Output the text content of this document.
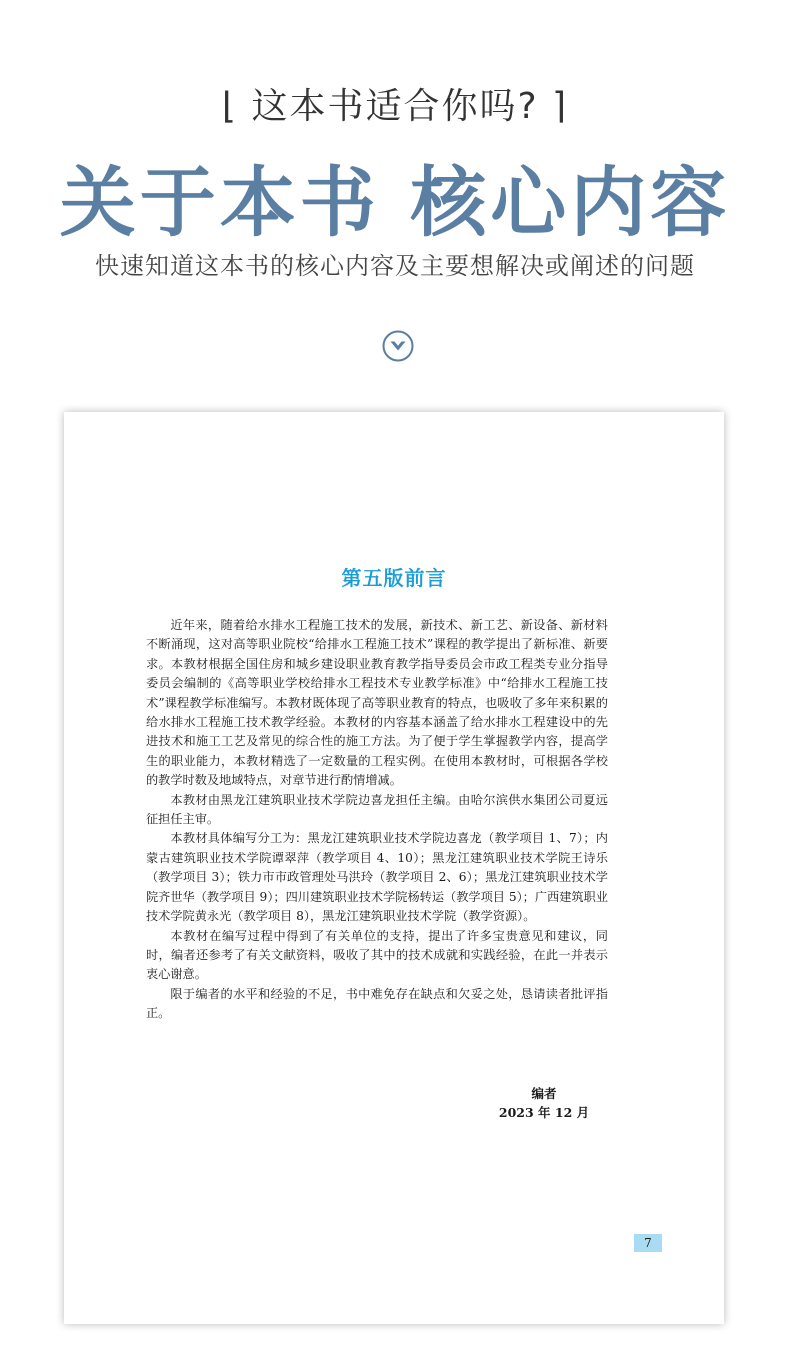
⌊ 这本书适合你吗? ⌉
关于本书 核心内容
快速知道这本书的核心内容及主要想解决或阐述的问题
第五版前言

近年来，随着给水排水工程施工技术的发展，新技术、新工艺、新设备、新材料不断涌现，这对高等职业院校“给排水工程施工技术”课程的教学提出了新标准、新要求。本教材根据全国住房和城乡建设职业教育教学指导委员会市政工程类专业分指导委员会编制的《高等职业学校给排水工程技术专业教学标准》中“给排水工程施工技术”课程教学标准编写。本教材既体现了高等职业教育的特点，也吸收了多年来积累的给水排水工程施工技术教学经验。本教材的内容基本涵盖了给水排水工程建设中的先进技术和施工工艺及常见的综合性的施工方法。为了便于学生掌握教学内容，提高学生的职业能力，本教材精选了一定数量的工程实例。在使用本教材时，可根据各学校的教学时数及地域特点，对章节进行酌情增减。

本教材由黑龙江建筑职业技术学院边喜龙担任主编。由哈尔滨供水集团公司夏远征担任主审。

本教材具体编写分工为：黑龙江建筑职业技术学院边喜龙（教学项目 1、7）；内蒙古建筑职业技术学院谭翠萍（教学项目 4、10）；黑龙江建筑职业技术学院王诗乐（教学项目 3）；铁力市市政管理处马洪玲（教学项目 2、6）；黑龙江建筑职业技术学院齐世华（教学项目 9）；四川建筑职业技术学院杨转运（教学项目 5）；广西建筑职业技术学院黄永光（教学项目 8），黑龙江建筑职业技术学院（教学资源）。

本教材在编写过程中得到了有关单位的支持，提出了许多宝贵意见和建议，同时，编者还参考了有关文献资料，吸收了其中的技术成就和实践经验，在此一并表示衷心谢意。

限于编者的水平和经验的不足，书中难免存在缺点和欠妥之处，恳请读者批评指正。

编者
2023 年 12 月
7
